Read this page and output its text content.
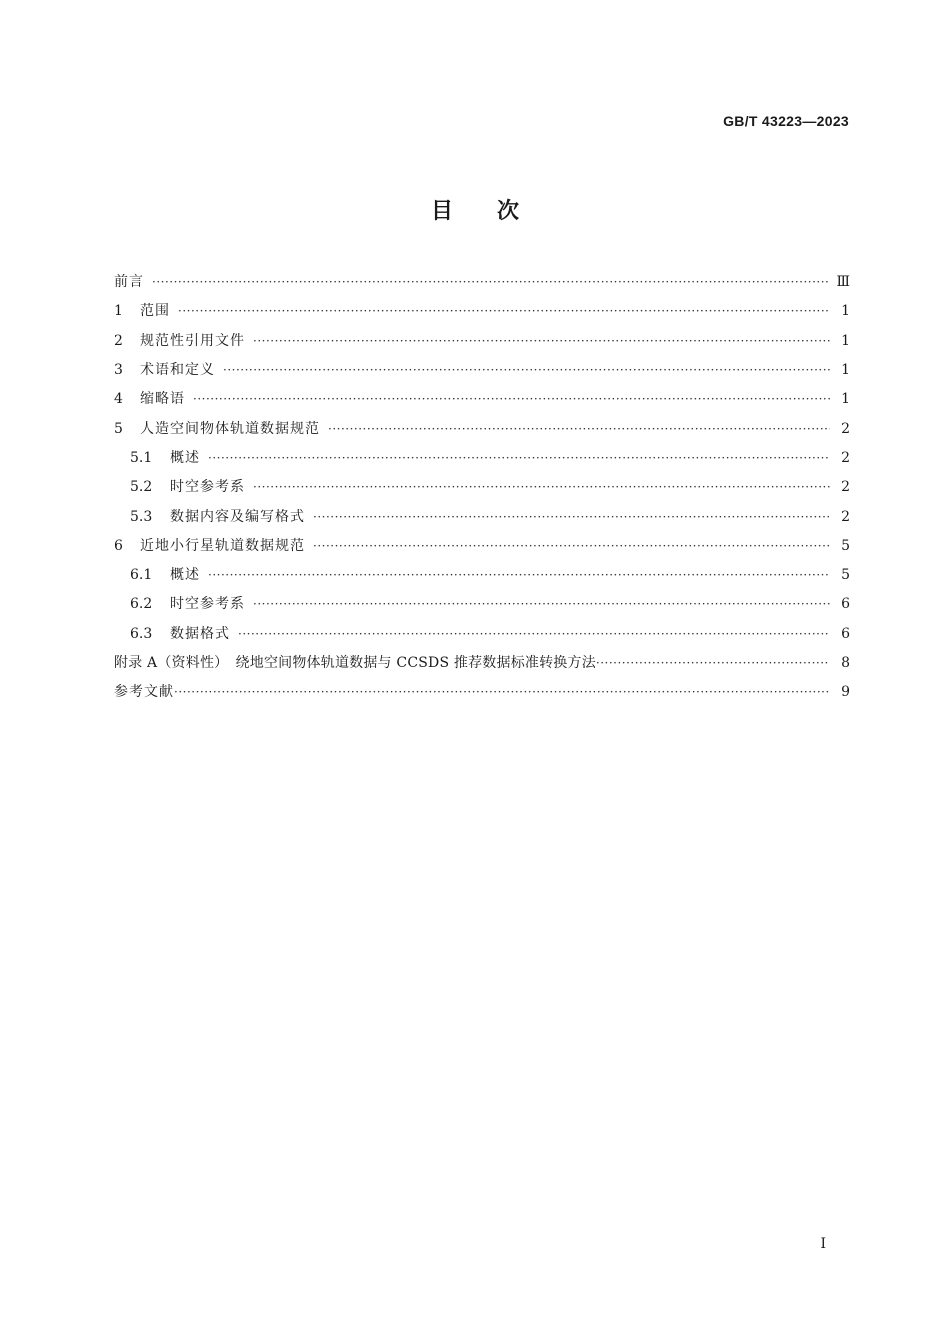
GB/T 43223—2023
目次
前言 ·····	Ⅲ
1	范围 ·····	1
2	规范性引用文件 ·····	1
3	术语和定义 ·····	1
4	缩略语 ·····	1
5	人造空间物体轨道数据规范 ·····	2
5.1	概述 ·····	2
5.2	时空参考系 ·····	2
5.3	数据内容及编写格式 ·····	2
6	近地小行星轨道数据规范 ·····	5
6.1	概述 ·····	5
6.2	时空参考系 ·····	6
6.3	数据格式 ·····	6
附录 A（资料性）　绕地空间物体轨道数据与 CCSDS 推荐数据标准转换方法 ·····	8
参考文献 ·····	9
Ⅰ
